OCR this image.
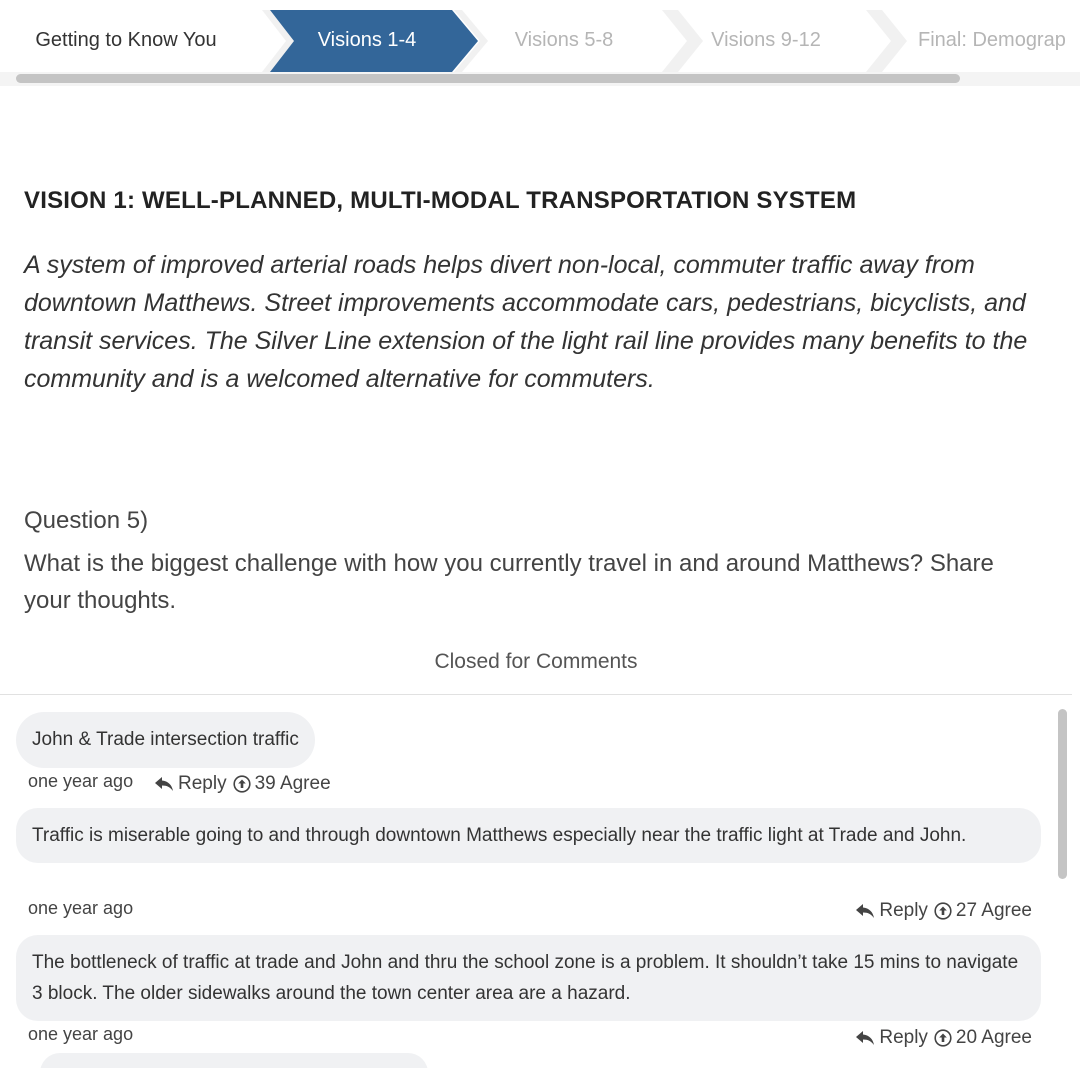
Getting to Know You	Visions 1-4	Visions 5-8	Visions 9-12	Final: Demograp
VISION 1: WELL-PLANNED, MULTI-MODAL TRANSPORTATION SYSTEM
A system of improved arterial roads helps divert non-local, commuter traffic away from downtown Matthews. Street improvements accommodate cars, pedestrians, bicyclists, and transit services. The Silver Line extension of the light rail line provides many benefits to the community and is a welcomed alternative for commuters.
Question 5)
What is the biggest challenge with how you currently travel in and around Matthews? Share your thoughts.
Closed for Comments
John & Trade intersection traffic
one year ago Reply 39 Agree
Traffic is miserable going to and through downtown Matthews especially near the traffic light at Trade and John.
one year ago	Reply 27 Agree
The bottleneck of traffic at trade and John and thru the school zone is a problem. It shouldn’t take 15 mins to navigate 3 block. The older sidewalks around the town center area are a hazard.
one year ago	Reply 20 Agree
